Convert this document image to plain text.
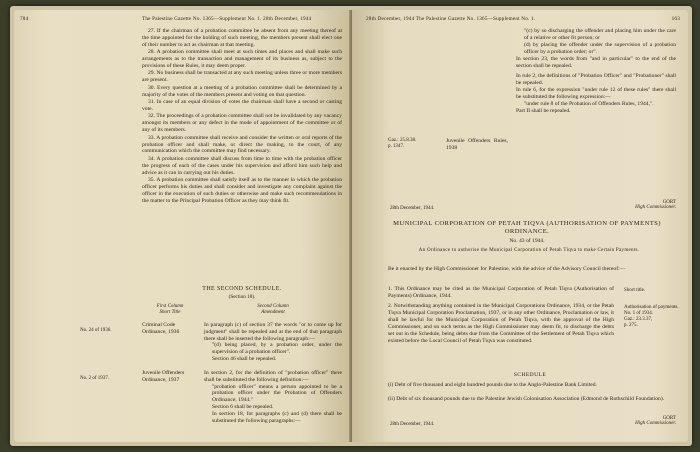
784	The Palestine Gazette No. 1365—Supplement No. 1. 28th December, 1944

27. If the chairman of a probation committee be absent from any meeting thereof at the time appointed for the holding of such meeting, the members present shall elect one of their number to act as chairman at that meeting.

28. A probation committee shall meet at such times and places and shall make such arrangements as to the transaction and management of its business as, subject to the provisions of these Rules, it may deem proper.

29. No business shall be transacted at any such meeting unless three or more members are present.

30. Every question at a meeting of a probation committee shall be determined by a majority of the votes of the members present and voting on that question.

31. In case of an equal division of votes the chairman shall have a second or casting vote.

32. The proceedings of a probation committee shall not be invalidated by any vacancy amongst its members or any defect in the mode of appointment of the committee or of any of its members.

33. A probation committee shall receive and consider the written or oral reports of the probation officer and shall make, or direct the making, to the court, of any communication which the committee may find necessary.

34. A probation committee shall discuss from time to time with the probation officer the progress of each of the cases under his supervision and afford him such help and advice as it can in carrying out his duties.

35. A probation committee shall satisfy itself as to the manner in which the probation officer performs his duties and shall consider and investigate any complaint against the officer in the execution of such duties or otherwise and make such recommendations in the matter to the Principal Probation Officer as they may think fit.

THE SECOND SCHEDULE.
(Section 18).
First Column
Short Title
Second Column
Amendment
No. 24 of 1936.
Criminal Code Ordinance, 1936

In paragraph (c) of section 37 the words "or to come up for judgment" shall be repealed and at the end of that paragraph there shall be inserted the following paragraph:—

"(d) being placed, by a probation order, under the supervision of a probation officer".

Section 46 shall be repealed.

No. 2 of 1937.
Juvenile Offenders Ordinance, 1937

In section 2, for the definition of "probation officer" there shall be substituted the following definition:—

"probation officer" means a person appointed to be a probation officer under the Probation of Offenders Ordinance, 1944."

Section 6 shall be repealed.

In section 18, for paragraphs (c) and (d) there shall be substituted the following paragraphs:—

28th December, 1944 The Palestine Gazette No. 1365—Supplement No. 1.	163

"(c) by so discharging the offender and placing him under the care of a relative or other fit person; or

(d) by placing the offender under the supervision of a probation officer by a probation order; or".

In section 23, the words from "and in particular" to the end of the section shall be repealed.

In rule 2, the definitions of "Probation Officer" and "Probationer" shall be repealed.

In rule 6, for the expression "under rule 12 of these rules" there shall be substituted the following expression:—

"under rule 8 of the Probation of Offenders Rules, 1944,".

Part II shall be repealed.

Gaz.: 25.8.38.
p. 1347.
Juvenile Offenders Rules, 1938
28th December, 1944.
GORT
High Commissioner.
MUNICIPAL CORPORATION OF PETAH TIQVA (AUTHORISATION OF PAYMENTS) ORDINANCE.
No. 43 of 1944.
An Ordinance to authorise the Municipal Corporation of Petah Tiqva to make Certain Payments.
Be it enacted by the High Commissioner for Palestine, with the advice of the Advisory Council thereof:—
1. This Ordinance may be cited as the Municipal Corporation of Petah Tiqva (Authorisation of Payments) Ordinance, 1944.
Short title.
2. Notwithstanding anything contained in the Municipal Corporations Ordinance, 1934, or the Petah Tiqva Municipal Corporation Proclamation, 1937, or in any other Ordinance, Proclamation or law, it shall be lawful for the Municipal Corporation of Petah Tiqva, with the approval of the High Commissioner, and on such terms as the High Commissioner may deem fit, to discharge the debts set out in the Schedule, being debts due from the Committee of the Settlement of Petah Tiqva which existed before the Local Council of Petah Tiqva was constituted.
Authorisation of payments.
No. 1 of 1934.
Gaz.: 23.3.37,
p. 275.
SCHEDULE
(i) Debt of five thousand and eight hundred pounds due to the Anglo-Palestine Bank Limited.
(ii) Debt of six thousand pounds due to the Palestine Jewish Colonisation Association (Edmond de Rothschild Foundation).
28th December, 1944.
GORT
High Commissioner.
